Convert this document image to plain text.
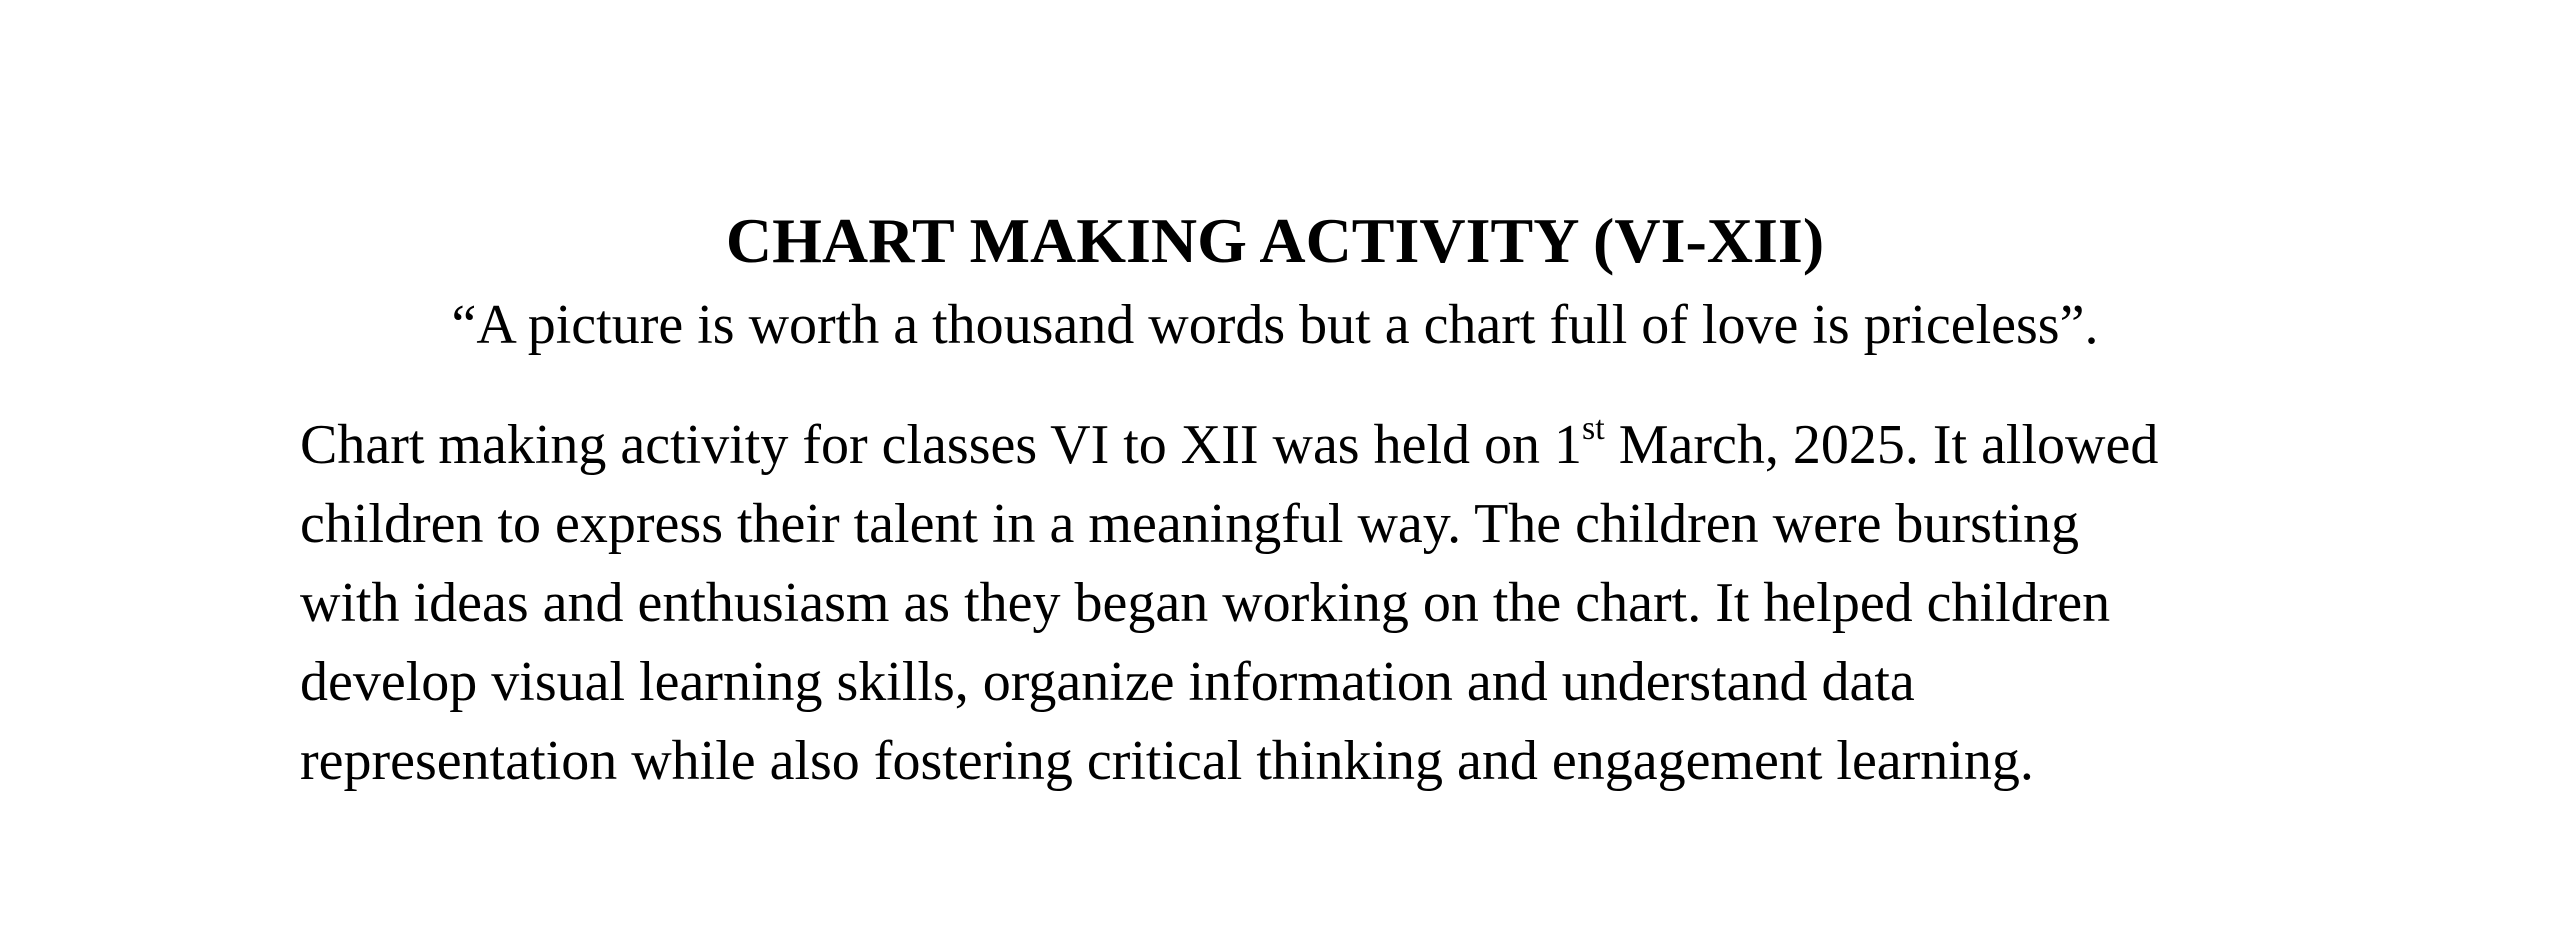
CHART MAKING ACTIVITY (VI-XII)

“A picture is worth a thousand words but a chart full of love is priceless”.

Chart making activity for classes VI to XII was held on 1st March, 2025. It allowed
children to express their talent in a meaningful way. The children were bursting
with ideas and enthusiasm as they began working on the chart. It helped children
develop visual learning skills, organize information and understand data
representation while also fostering critical thinking and engagement learning.
